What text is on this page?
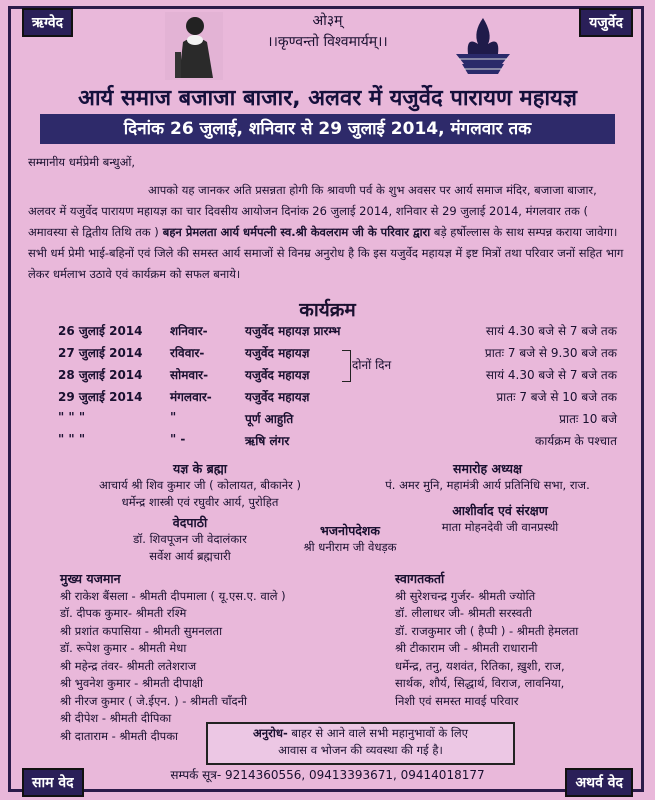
ऋग्वेद	यजुर्वेद
साम वेद	अथर्व वेद
ओ३म्
।।कृण्वन्तो विश्वमार्यम्।।
आर्य समाज बजाजा बाजार, अलवर में यजुर्वेद पारायण महायज्ञ
दिनांक 26 जुलाई, शनिवार से 29 जुलाई 2014, मंगलवार तक
सम्मानीय धर्मप्रेमी बन्धुओं,
आपको यह जानकर अति प्रसन्नता होगी कि श्रावणी पर्व के शुभ अवसर पर आर्य समाज मंदिर, बजाजा बाजार, अलवर में यजुर्वेद पारायण महायज्ञ का चार दिवसीय आयोजन दिनांक 26 जुलाई 2014, शनिवार से 29 जुलाई 2014, मंगलवार तक ( अमावस्या से द्वितीय तिथि तक ) बहन प्रेमलता आर्य धर्मपत्नी स्व.श्री केवलराम जी के परिवार द्वारा बड़े हर्षोल्लास के साथ सम्पन्न कराया जावेगा। सभी धर्म प्रेमी भाई-बहिनों एवं जिले की समस्त आर्य समाजों से विनम्र अनुरोध है कि इस यजुर्वेद महायज्ञ में इष्ट मित्रों तथा परिवार जनों सहित भाग लेकर धर्मलाभ उठावे एवं कार्यक्रम को सफल बनाये।
कार्यक्रम
26 जुलाई 2014 शनिवार-	यजुर्वेद महायज्ञ प्रारम्भ	सायं 4.30 बजे से 7 बजे तक
27 जुलाई 2014 रविवार-	यजुर्वेद महायज्ञ	प्रातः 7 बजे से 9.30 बजे तक
28 जुलाई 2014 सोमवार-	यजुर्वेद महायज्ञ	सायं 4.30 बजे से 7 बजे तक
29 जुलाई 2014 मंगलवार-	यजुर्वेद महायज्ञ	प्रातः 7 बजे से 10 बजे तक
" " "	"	पूर्ण आहुति	प्रातः 10 बजे
" " "	" -	ऋषि लंगर	कार्यक्रम के पश्चात
दोनों दिन
यज्ञ के ब्रह्मा
आचार्य श्री शिव कुमार जी ( कोलायत, बीकानेर )
धर्मेन्द्र शास्त्री एवं रघुवीर आर्य, पुरोहित
समारोह अध्यक्ष
पं. अमर मुनि, महामंत्री आर्य प्रतिनिधि सभा, राज.
आशीर्वाद एवं संरक्षण
माता मोहनदेवी जी वानप्रस्थी
वेदपाठी
डॉ. शिवपूजन जी वेदालंकार
सर्वेश आर्य ब्रह्मचारी
भजनोपदेशक
श्री धनीराम जी वेधड़क
मुख्य यजमान
श्री राकेश बैंसला - श्रीमती दीपमाला ( यू.एस.ए. वाले )
डॉ. दीपक कुमार- श्रीमती रश्मि
श्री प्रशांत कपासिया - श्रीमती सुमनलता
डॉ. रूपेश कुमार - श्रीमती मेधा
श्री महेन्द्र तंवर- श्रीमती लतेशराज
श्री भुवनेश कुमार - श्रीमती दीपाक्षी
श्री नीरज कुमार ( जे.ईएन. ) - श्रीमती चाँदनी
श्री दीपेश - श्रीमती दीपिका
श्री दाताराम - श्रीमती दीपका
स्वागतकर्ता
श्री सुरेशचन्द्र गुर्जर- श्रीमती ज्योति
डॉ. लीलाधर जी- श्रीमती सरस्वती
डॉ. राजकुमार जी ( हैप्पी ) - श्रीमती हेमलता
श्री टीकाराम जी - श्रीमती राधारानी
धर्मेन्द्र, तनु, यशवंत, रितिका, ख़ुशी, राज,
सार्थक, शौर्य, सिद्धार्थ, विराज, लावनिया,
निशी एवं समस्त मावई परिवार
अनुरोध- बाहर से आने वाले सभी महानुभावों के लिए
आवास व भोजन की व्यवस्था की गई है।
सम्पर्क सूत्र- 9214360556, 09413393671, 09414018177
